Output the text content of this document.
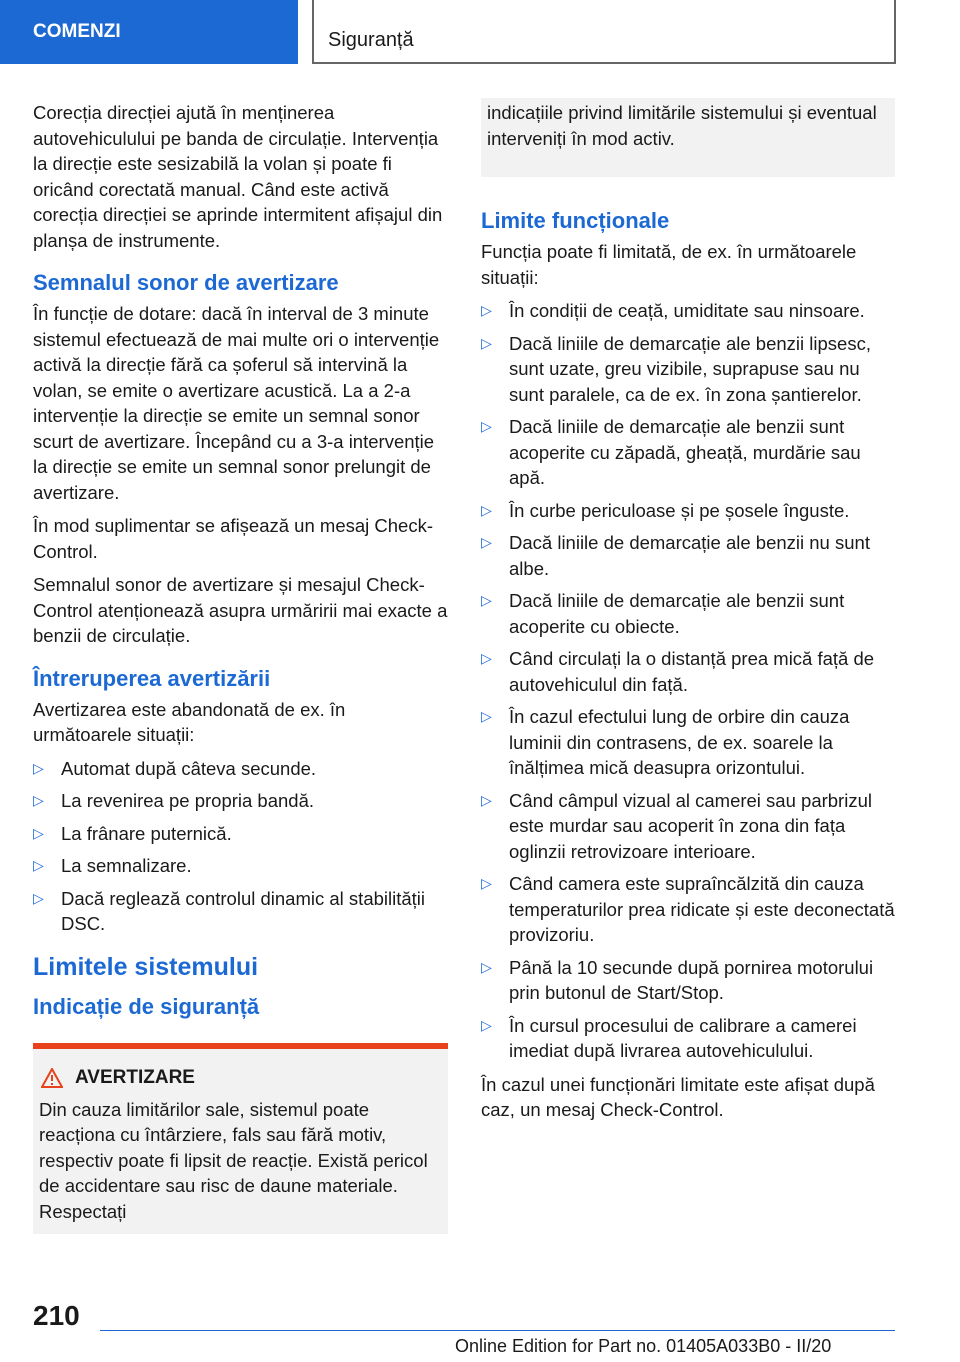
COMENZI	Siguranță

Corecția direcției ajută în menținerea autovehiculului pe banda de circulație. Intervenția la direcție este sesizabilă la volan și poate fi oricând corectată manual. Când este activă corecția direcției se aprinde intermitent afișajul din planșa de instrumente.

Semnalul sonor de avertizare

În funcție de dotare: dacă în interval de 3 minute sistemul efectuează de mai multe ori o intervenție activă la direcție fără ca șoferul să intervină la volan, se emite o avertizare acustică. La a 2-a intervenție la direcție se emite un semnal sonor scurt de avertizare. Începând cu a 3-a intervenție la direcție se emite un semnal sonor prelungit de avertizare.

În mod suplimentar se afișează un mesaj Check-Control.

Semnalul sonor de avertizare și mesajul Check-Control atenționează asupra urmăririi mai exacte a benzii de circulație.

Întreruperea avertizării

Avertizarea este abandonată de ex. în următoarele situații:

▷ Automat după câteva secunde.
▷ La revenirea pe propria bandă.
▷ La frânare puternică.
▷ La semnalizare.
▷ Dacă reglează controlul dinamic al stabilității DSC.
Limitele sistemului
Indicație de siguranță
AVERTIZARE

Din cauza limitărilor sale, sistemul poate reacționa cu întârziere, fals sau fără motiv, respectiv poate fi lipsit de reacție. Există pericol de accidentare sau risc de daune materiale. Respectați

indicațiile privind limitările sistemului și eventual interveniți în mod activ.

Limite funcționale

Funcția poate fi limitată, de ex. în următoarele situații:

▷ În condiții de ceață, umiditate sau ninsoare.
▷ Dacă liniile de demarcație ale benzii lipsesc, sunt uzate, greu vizibile, suprapuse sau nu sunt paralele, ca de ex. în zona șantierelor.
▷ Dacă liniile de demarcație ale benzii sunt acoperite cu zăpadă, gheață, murdărie sau apă.
▷ În curbe periculoase și pe șosele înguste.
▷ Dacă liniile de demarcație ale benzii nu sunt albe.
▷ Dacă liniile de demarcație ale benzii sunt acoperite cu obiecte.
▷ Când circulați la o distanță prea mică față de autovehiculul din față.
▷ În cazul efectului lung de orbire din cauza luminii din contrasens, de ex. soarele la înălțimea mică deasupra orizontului.
▷ Când câmpul vizual al camerei sau parbrizul este murdar sau acoperit în zona din fața oglinzii retrovizoare interioare.
▷ Când camera este supraîncălzită din cauza temperaturilor prea ridicate și este deconectată provizoriu.
▷ Până la 10 secunde după pornirea motorului prin butonul de Start/Stop.
▷ În cursul procesului de calibrare a camerei imediat după livrarea autovehiculului.

În cazul unei funcționări limitate este afișat după caz, un mesaj Check-Control.

210
Online Edition for Part no. 01405A033B0 - II/20
